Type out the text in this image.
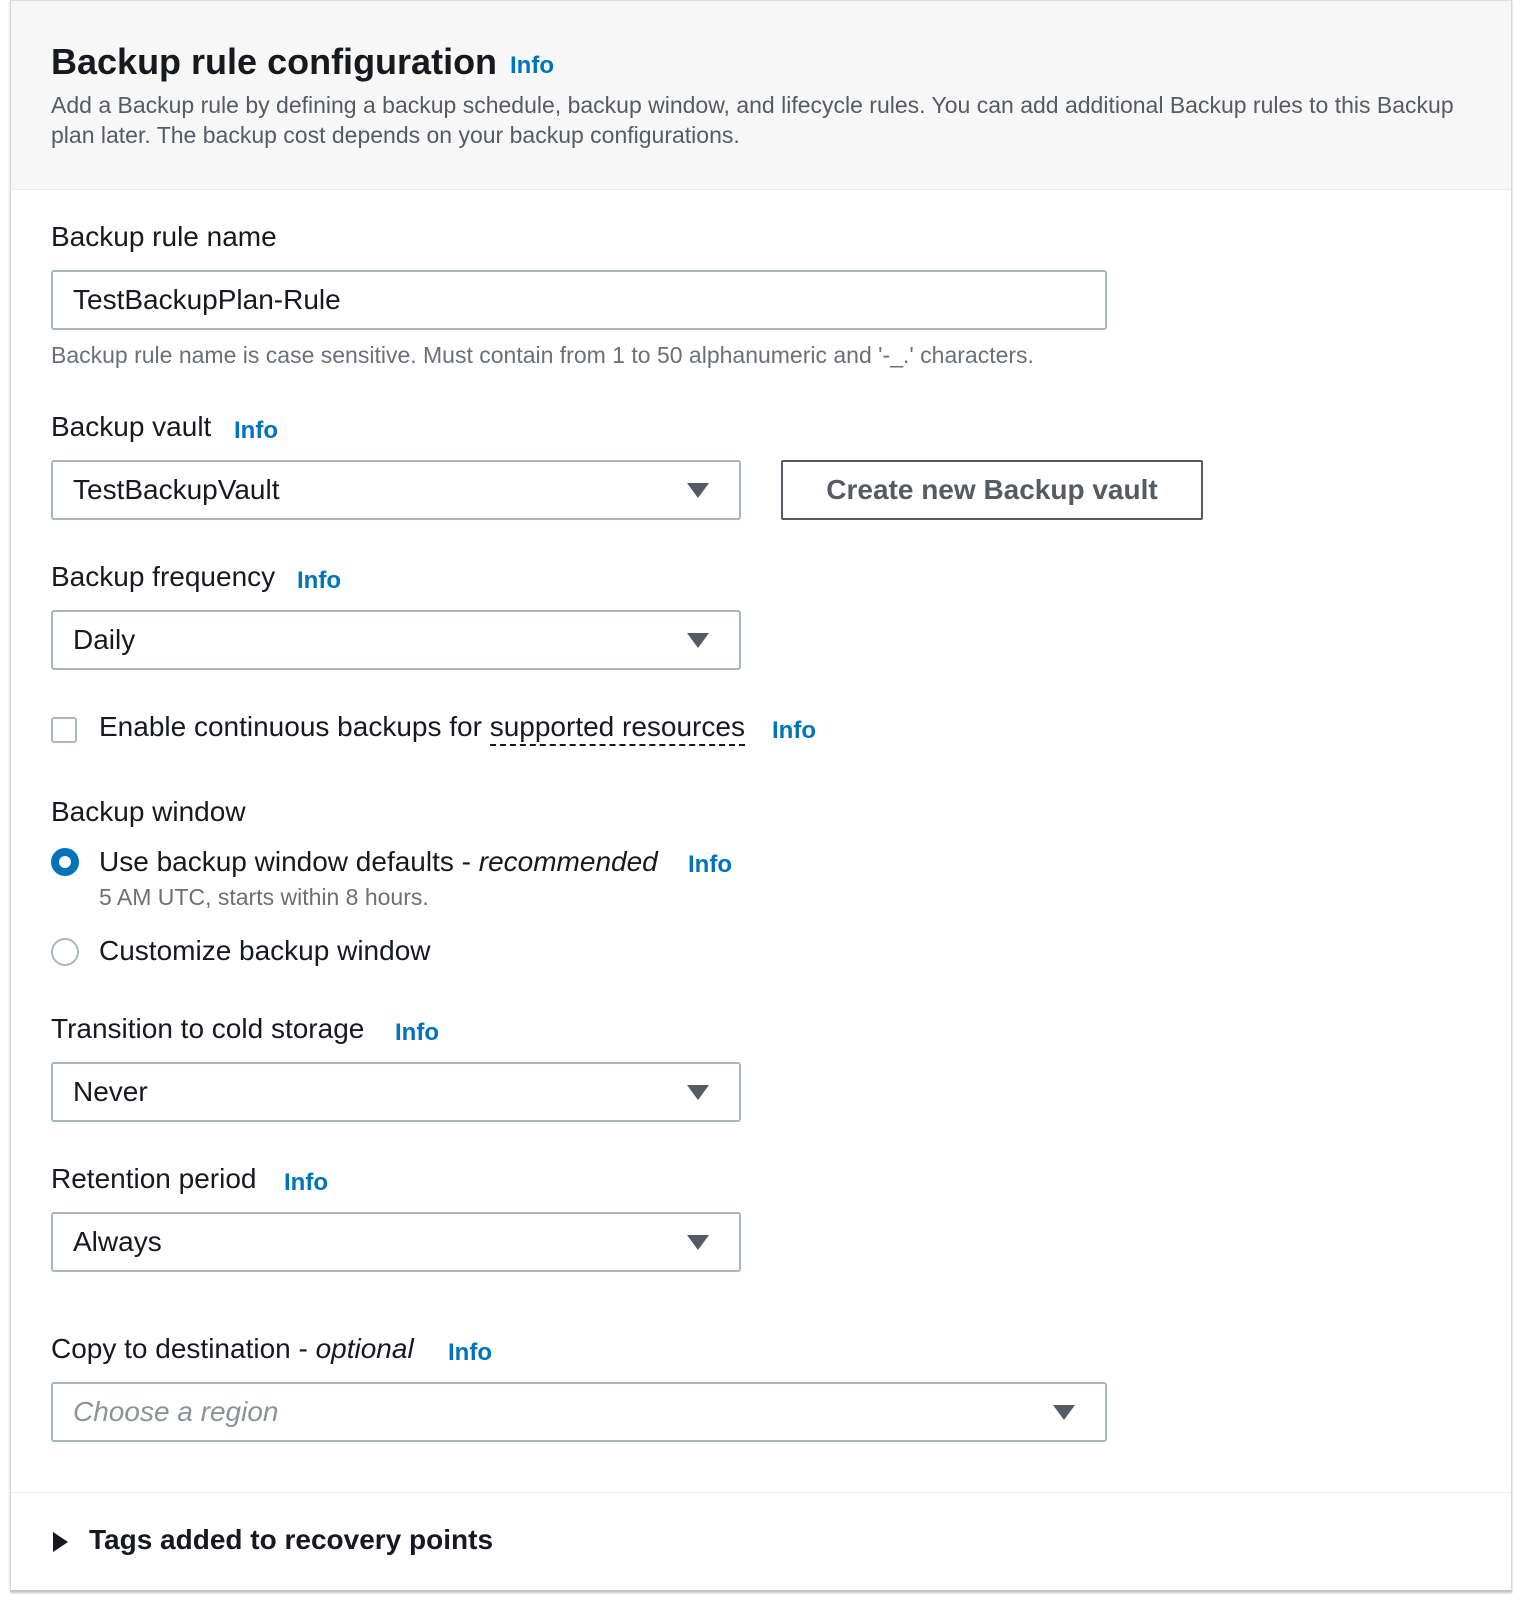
Backup rule configuration Info
Add a Backup rule by defining a backup schedule, backup window, and lifecycle rules. You can add additional Backup rules to this Backup plan later. The backup cost depends on your backup configurations.
Backup rule name
TestBackupPlan-Rule
Backup rule name is case sensitive. Must contain from 1 to 50 alphanumeric and '-_.' characters.
Backup vault Info
TestBackupVault	Create new Backup vault
Backup frequency Info
Daily
Enable continuous backups for supported resources Info
Backup window
Use backup window defaults - recommended Info
5 AM UTC, starts within 8 hours.
Customize backup window
Transition to cold storage Info
Never
Retention period Info
Always
Copy to destination - optional Info
Choose a region
Tags added to recovery points
